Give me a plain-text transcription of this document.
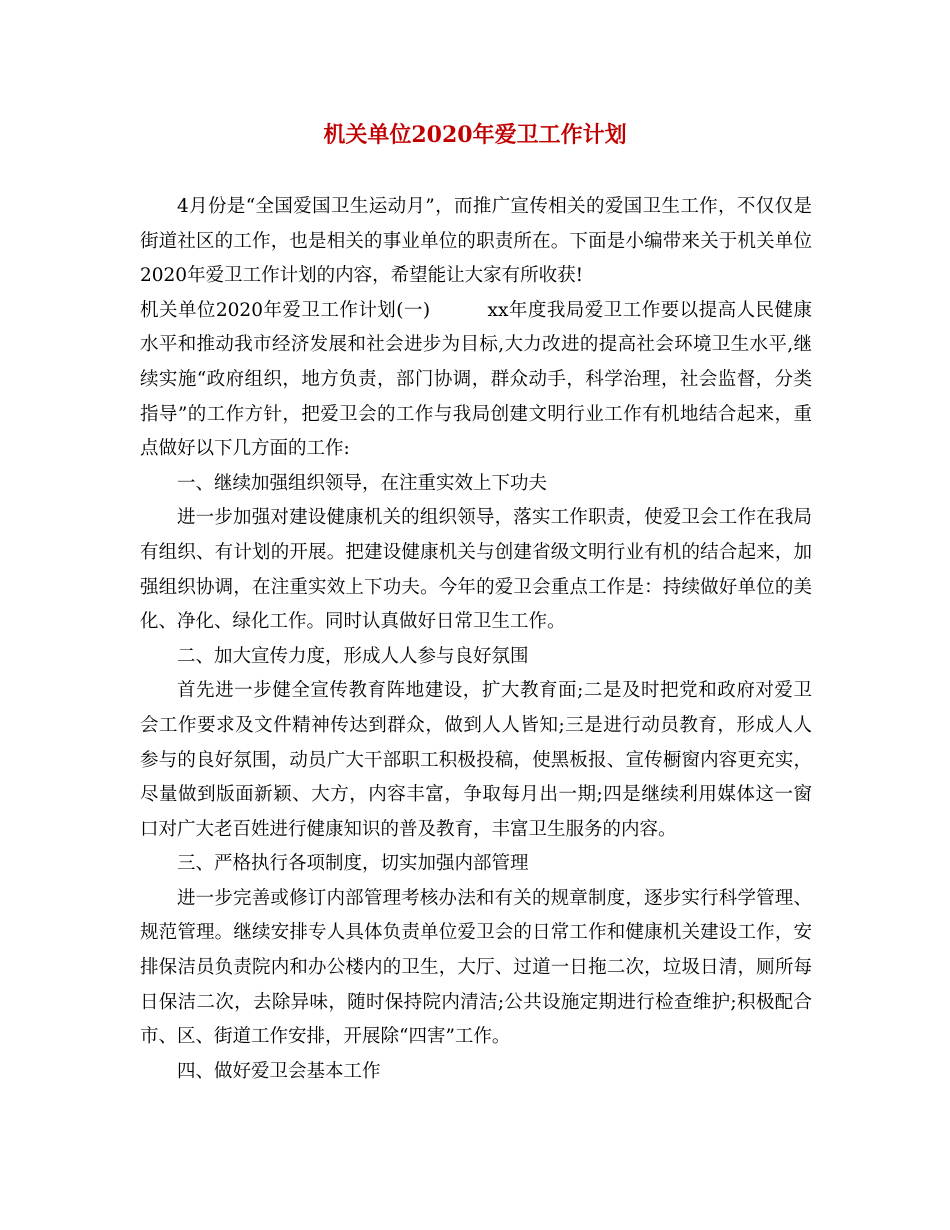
机关单位2020年爱卫工作计划

4月份是“全国爱国卫生运动月”，而推广宣传相关的爱国卫生工作，不仅仅是街道社区的工作，也是相关的事业单位的职责所在。下面是小编带来关于机关单位2020年爱卫工作计划的内容，希望能让大家有所收获!

机关单位2020年爱卫工作计划(一)　　　xx年度我局爱卫工作要以提高人民健康水平和推动我市经济发展和社会进步为目标,大力改进的提高社会环境卫生水平,继续实施“政府组织，地方负责，部门协调，群众动手，科学治理，社会监督，分类指导”的工作方针，把爱卫会的工作与我局创建文明行业工作有机地结合起来，重点做好以下几方面的工作:

一、继续加强组织领导，在注重实效上下功夫

进一步加强对建设健康机关的组织领导，落实工作职责，使爱卫会工作在我局有组织、有计划的开展。把建设健康机关与创建省级文明行业有机的结合起来，加强组织协调，在注重实效上下功夫。今年的爱卫会重点工作是：持续做好单位的美化、净化、绿化工作。同时认真做好日常卫生工作。

二、加大宣传力度，形成人人参与良好氛围

首先进一步健全宣传教育阵地建设，扩大教育面;二是及时把党和政府对爱卫会工作要求及文件精神传达到群众，做到人人皆知;三是进行动员教育，形成人人参与的良好氛围，动员广大干部职工积极投稿，使黑板报、宣传橱窗内容更充实，尽量做到版面新颖、大方，内容丰富，争取每月出一期;四是继续利用媒体这一窗口对广大老百姓进行健康知识的普及教育，丰富卫生服务的内容。

三、严格执行各项制度，切实加强内部管理

进一步完善或修订内部管理考核办法和有关的规章制度，逐步实行科学管理、规范管理。继续安排专人具体负责单位爱卫会的日常工作和健康机关建设工作，安排保洁员负责院内和办公楼内的卫生，大厅、过道一日拖二次，垃圾日清，厕所每日保洁二次，去除异味，随时保持院内清洁;公共设施定期进行检查维护;积极配合市、区、街道工作安排，开展除“四害”工作。

四、做好爱卫会基本工作
